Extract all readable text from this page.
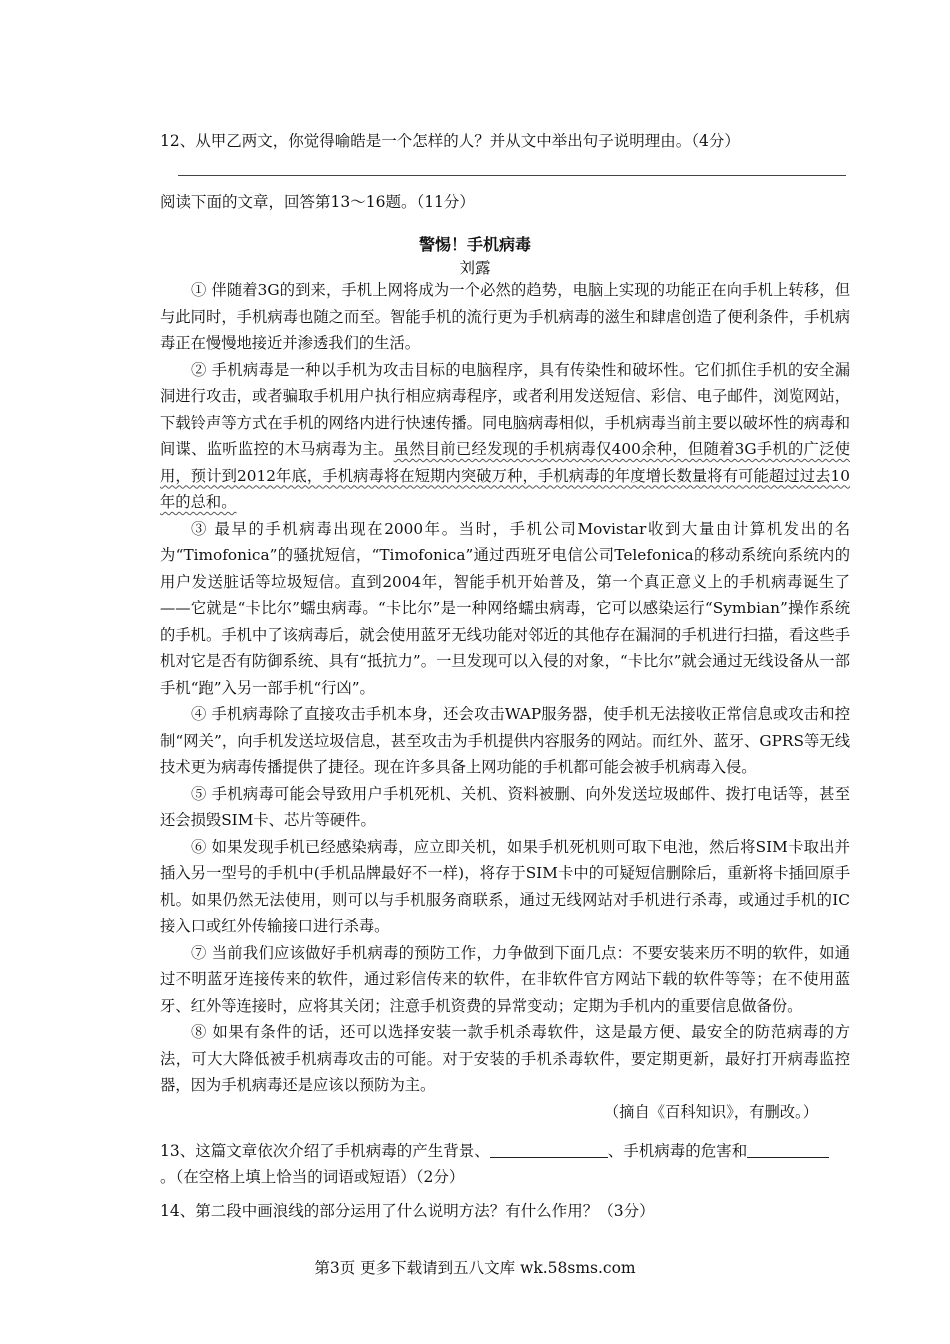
12、从甲乙两文，你觉得喻皓是一个怎样的人？并从文中举出句子说明理由。（4分）

阅读下面的文章，回答第13～16题。（11分）

警惕！手机病毒

刘露

① 伴随着3G的到来，手机上网将成为一个必然的趋势，电脑上实现的功能正在向手机上转移，但与此同时，手机病毒也随之而至。智能手机的流行更为手机病毒的滋生和肆虐创造了便利条件，手机病毒正在慢慢地接近并渗透我们的生活。

② 手机病毒是一种以手机为攻击目标的电脑程序，具有传染性和破坏性。它们抓住手机的安全漏洞进行攻击，或者骗取手机用户执行相应病毒程序，或者利用发送短信、彩信、电子邮件，浏览网站，下载铃声等方式在手机的网络内进行快速传播。同电脑病毒相似，手机病毒当前主要以破坏性的病毒和间谍、监听监控的木马病毒为主。虽然目前已经发现的手机病毒仅400余种，但随着3G手机的广泛使用，预计到2012年底，手机病毒将在短期内突破万种，手机病毒的年度增长数量将有可能超过过去10年的总和。

③ 最早的手机病毒出现在2000年。当时，手机公司Movistar收到大量由计算机发出的名为“Timofonica”的骚扰短信，“Timofonica”通过西班牙电信公司Telefonica的移动系统向系统内的用户发送脏话等垃圾短信。直到2004年，智能手机开始普及，第一个真正意义上的手机病毒诞生了——它就是“卡比尔”蠕虫病毒。“卡比尔”是一种网络蠕虫病毒，它可以感染运行“Symbian”操作系统的手机。手机中了该病毒后，就会使用蓝牙无线功能对邻近的其他存在漏洞的手机进行扫描，看这些手机对它是否有防御系统、具有“抵抗力”。一旦发现可以入侵的对象，“卡比尔”就会通过无线设备从一部手机“跑”入另一部手机“行凶”。

④ 手机病毒除了直接攻击手机本身，还会攻击WAP服务器，使手机无法接收正常信息或攻击和控制“网关”，向手机发送垃圾信息，甚至攻击为手机提供内容服务的网站。而红外、蓝牙、GPRS等无线技术更为病毒传播提供了捷径。现在许多具备上网功能的手机都可能会被手机病毒入侵。

⑤ 手机病毒可能会导致用户手机死机、关机、资料被删、向外发送垃圾邮件、拨打电话等，甚至还会损毁SIM卡、芯片等硬件。

⑥ 如果发现手机已经感染病毒，应立即关机，如果手机死机则可取下电池，然后将SIM卡取出并插入另一型号的手机中(手机品牌最好不一样)，将存于SIM卡中的可疑短信删除后，重新将卡插回原手机。如果仍然无法使用，则可以与手机服务商联系，通过无线网站对手机进行杀毒，或通过手机的IC接入口或红外传输接口进行杀毒。

⑦ 当前我们应该做好手机病毒的预防工作，力争做到下面几点：不要安装来历不明的软件，如通过不明蓝牙连接传来的软件，通过彩信传来的软件，在非软件官方网站下载的软件等等；在不使用蓝牙、红外等连接时，应将其关闭；注意手机资费的异常变动；定期为手机内的重要信息做备份。

⑧ 如果有条件的话，还可以选择安装一款手机杀毒软件，这是最方便、最安全的防范病毒的方法，可大大降低被手机病毒攻击的可能。对于安装的手机杀毒软件，要定期更新，最好打开病毒监控器，因为手机病毒还是应该以预防为主。

（摘自《百科知识》，有删改。）

13、这篇文章依次介绍了手机病毒的产生背景、	、手机病毒的危害和
。（在空格上填上恰当的词语或短语）（2分）

14、第二段中画浪线的部分运用了什么说明方法？有什么作用？（3分）

第3页 更多下载请到五八文库 wk.58sms.com
